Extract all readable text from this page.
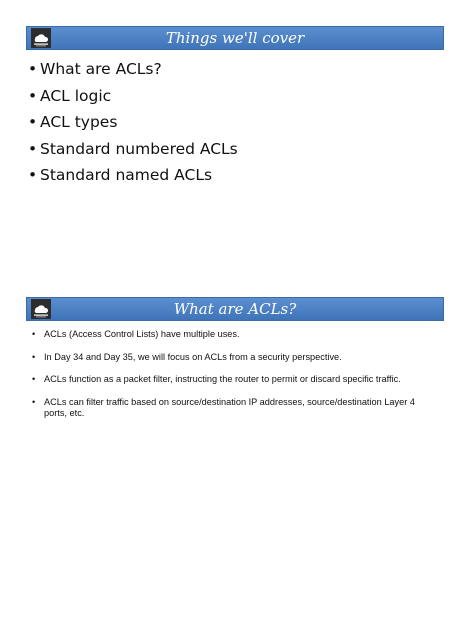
Things we'll cover
• What are ACLs?
• ACL logic
• ACL types
• Standard numbered ACLs
• Standard named ACLs
What are ACLs?
• ACLs (Access Control Lists) have multiple uses.
• In Day 34 and Day 35, we will focus on ACLs from a security perspective.
• ACLs function as a packet filter, instructing the router to permit or discard specific traffic.
• ACLs can filter traffic based on source/destination IP addresses, source/destination Layer 4 ports, etc.
